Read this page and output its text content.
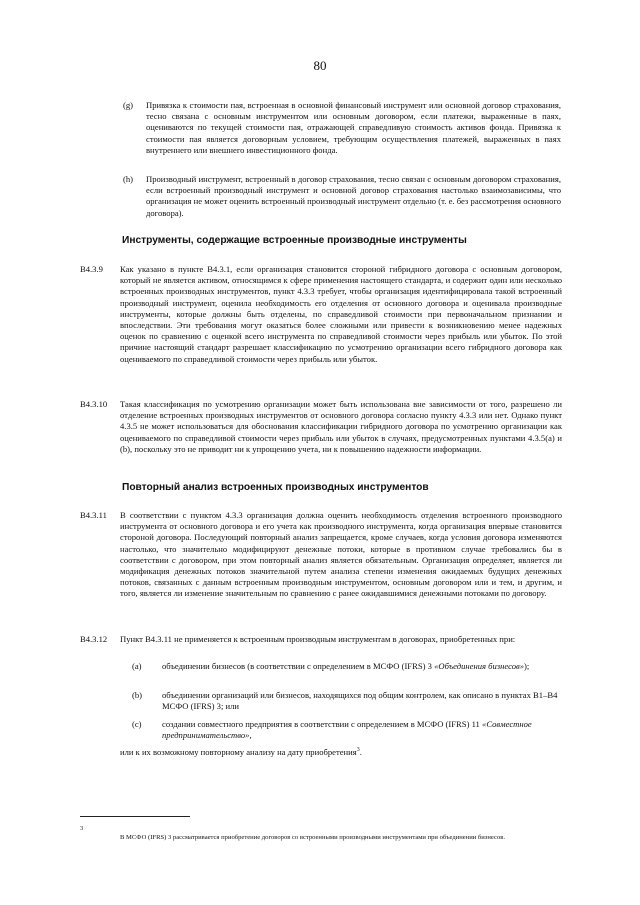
80
(g) Привязка к стоимости пая, встроенная в основной финансовый инструмент или основной договор страхования, тесно связана с основным инструментом или основным договором, если платежи, выраженные в паях, оцениваются по текущей стоимости пая, отражающей справедливую стоимость активов фонда. Привязка к стоимости пая является договорным условием, требующим осуществления платежей, выраженных в паях внутреннего или внешнего инвестиционного фонда.
(h) Производный инструмент, встроенный в договор страхования, тесно связан с основным договором страхования, если встроенный производный инструмент и основной договор страхования настолько взаимозависимы, что организация не может оценить встроенный производный инструмент отдельно (т. е. без рассмотрения основного договора).
Инструменты, содержащие встроенные производные инструменты
B4.3.9 Как указано в пункте B4.3.1, если организация становится стороной гибридного договора с основным договором, который не является активом, относящимся к сфере применения настоящего стандарта, и содержит один или несколько встроенных производных инструментов, пункт 4.3.3 требует, чтобы организация идентифицировала такой встроенный производный инструмент, оценила необходимость его отделения от основного договора и оценивала производные инструменты, которые должны быть отделены, по справедливой стоимости при первоначальном признании и впоследствии. Эти требования могут оказаться более сложными или привести к возникновению менее надежных оценок по сравнению с оценкой всего инструмента по справедливой стоимости через прибыль или убыток. По этой причине настоящий стандарт разрешает классификацию по усмотрению организации всего гибридного договора как оцениваемого по справедливой стоимости через прибыль или убыток.
B4.3.10 Такая классификация по усмотрению организации может быть использована вне зависимости от того, разрешено ли отделение встроенных производных инструментов от основного договора согласно пункту 4.3.3 или нет. Однако пункт 4.3.5 не может использоваться для обоснования классификации гибридного договора по усмотрению организации как оцениваемого по справедливой стоимости через прибыль или убыток в случаях, предусмотренных пунктами 4.3.5(a) и (b), поскольку это не приводит ни к упрощению учета, ни к повышению надежности информации.
Повторный анализ встроенных производных инструментов
B4.3.11 В соответствии с пунктом 4.3.3 организация должна оценить необходимость отделения встроенного производного инструмента от основного договора и его учета как производного инструмента, когда организация впервые становится стороной договора. Последующий повторный анализ запрещается, кроме случаев, когда условия договора изменяются настолько, что значительно модифицируют денежные потоки, которые в противном случае требовались бы в соответствии с договором, при этом повторный анализ является обязательным. Организация определяет, является ли модификация денежных потоков значительной путем анализа степени изменения ожидаемых будущих денежных потоков, связанных с данным встроенным производным инструментом, основным договором или и тем, и другим, и того, является ли изменение значительным по сравнению с ранее ожидавшимися денежными потоками по договору.
B4.3.12 Пункт B4.3.11 не применяется к встроенным производным инструментам в договорах, приобретенных при:
(a) объединении бизнесов (в соответствии с определением в МСФО (IFRS) 3 «Объединения бизнесов»);
(b) объединении организаций или бизнесов, находящихся под общим контролем, как описано в пунктах B1–B4 МСФО (IFRS) 3; или
(c) создании совместного предприятия в соответствии с определением в МСФО (IFRS) 11 «Совместное предпринимательство»,
или к их возможному повторному анализу на дату приобретения$^3$.
3
В МСФО (IFRS) 3 рассматривается приобретение договоров со встроенными производными инструментами при объединении бизнесов.
